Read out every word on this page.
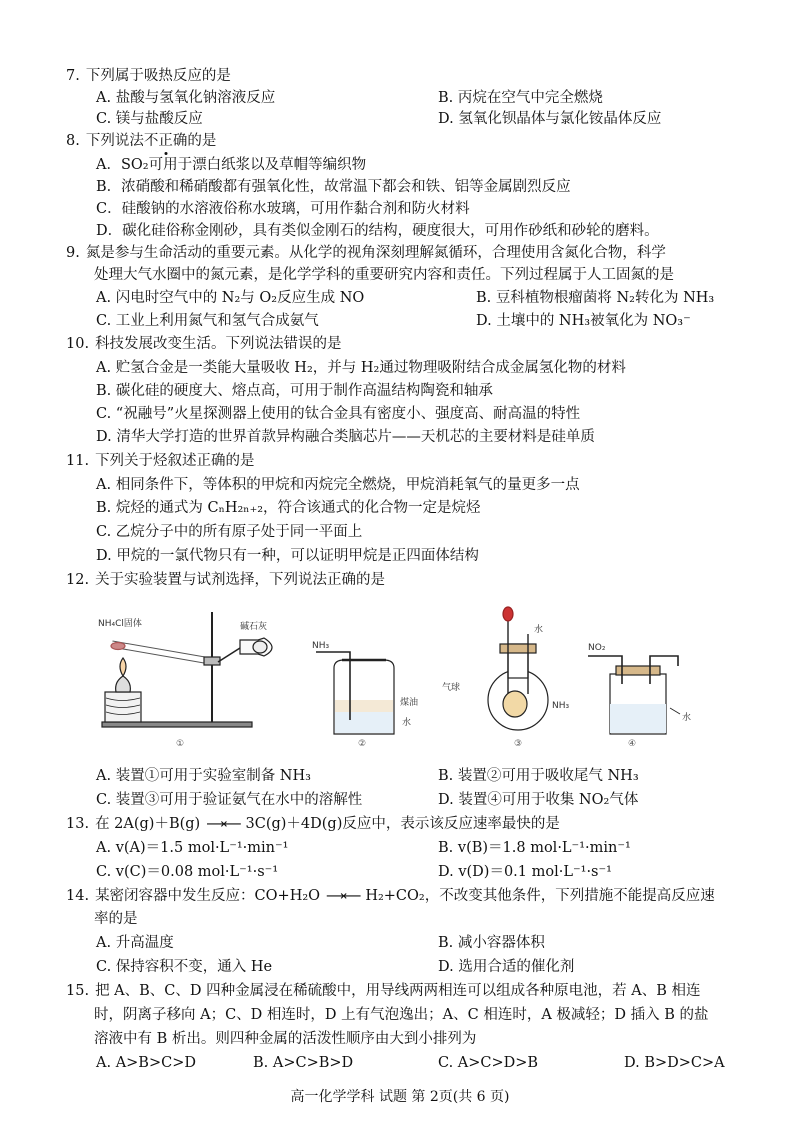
7. 下列属于吸热反应的是
A. 盐酸与氢氧化钠溶液反应	B. 丙烷在空气中完全燃烧
C. 镁与盐酸反应	D. 氢氧化钡晶体与氯化铵晶体反应
8. 下列说法不正确的是
A．SO₂可用于漂白纸浆以及草帽等编织物
B．浓硝酸和稀硝酸都有强氧化性，故常温下都会和铁、铝等金属剧烈反应
C．硅酸钠的水溶液俗称水玻璃，可用作黏合剂和防火材料
D．碳化硅俗称金刚砂，具有类似金刚石的结构，硬度很大，可用作砂纸和砂轮的磨料。
9. 氮是参与生命活动的重要元素。从化学的视角深刻理解氮循环，合理使用含氮化合物，科学
处理大气水圈中的氮元素，是化学学科的重要研究内容和责任。下列过程属于人工固氮的是
A. 闪电时空气中的 N₂与 O₂反应生成 NO	B. 豆科植物根瘤菌将 N₂转化为 NH₃
C. 工业上利用氮气和氢气合成氨气	D. 土壤中的 NH₃被氧化为 NO₃⁻
10. 科技发展改变生活。下列说法错误的是
A. 贮氢合金是一类能大量吸收 H₂，并与 H₂通过物理吸附结合成金属氢化物的材料
B. 碳化硅的硬度大、熔点高，可用于制作高温结构陶瓷和轴承
C. “祝融号”火星探测器上使用的钛合金具有密度小、强度高、耐高温的特性
D. 清华大学打造的世界首款异构融合类脑芯片——天机芯的主要材料是硅单质
11. 下列关于烃叙述正确的是
A. 相同条件下，等体积的甲烷和丙烷完全燃烧，甲烷消耗氧气的量更多一点
B. 烷烃的通式为 CₙH₂ₙ₊₂，符合该通式的化合物一定是烷烃
C. 乙烷分子中的所有原子处于同一平面上
D. 甲烷的一氯代物只有一种，可以证明甲烷是正四面体结构
12. 关于实验装置与试剂选择，下列说法正确的是
NH₄Cl固体	碱石灰
①
NH₃
煤油
水
②
水
气球
NH₃
③
NO₂
水
④
A. 装置①可用于实验室制备 NH₃	B. 装置②可用于吸收尾气 NH₃
C. 装置③可用于验证氨气在水中的溶解性	D. 装置④可用于收集 NO₂气体
13. 在 2A(g)＋B(g) ⟶⟵ 3C(g)＋4D(g)反应中，表示该反应速率最快的是
A. v(A)＝1.5 mol·L⁻¹·min⁻¹	B. v(B)＝1.8 mol·L⁻¹·min⁻¹
C. v(C)＝0.08 mol·L⁻¹·s⁻¹	D. v(D)＝0.1 mol·L⁻¹·s⁻¹
14. 某密闭容器中发生反应：CO+H₂O ⟶⟵ H₂+CO₂，不改变其他条件，下列措施不能提高反应速
率的是
A. 升高温度	B. 减小容器体积
C. 保持容积不变，通入 He	D. 选用合适的催化剂
15. 把 A、B、C、D 四种金属浸在稀硫酸中，用导线两两相连可以组成各种原电池，若 A、B 相连
时，阴离子移向 A；C、D 相连时，D 上有气泡逸出；A、C 相连时，A 极减轻；D 插入 B 的盐
溶液中有 B 析出。则四种金属的活泼性顺序由大到小排列为
A. A>B>C>D	B. A>C>B>D	C. A>C>D>B	D. B>D>C>A
高一化学学科 试题 第 2页(共 6 页)
